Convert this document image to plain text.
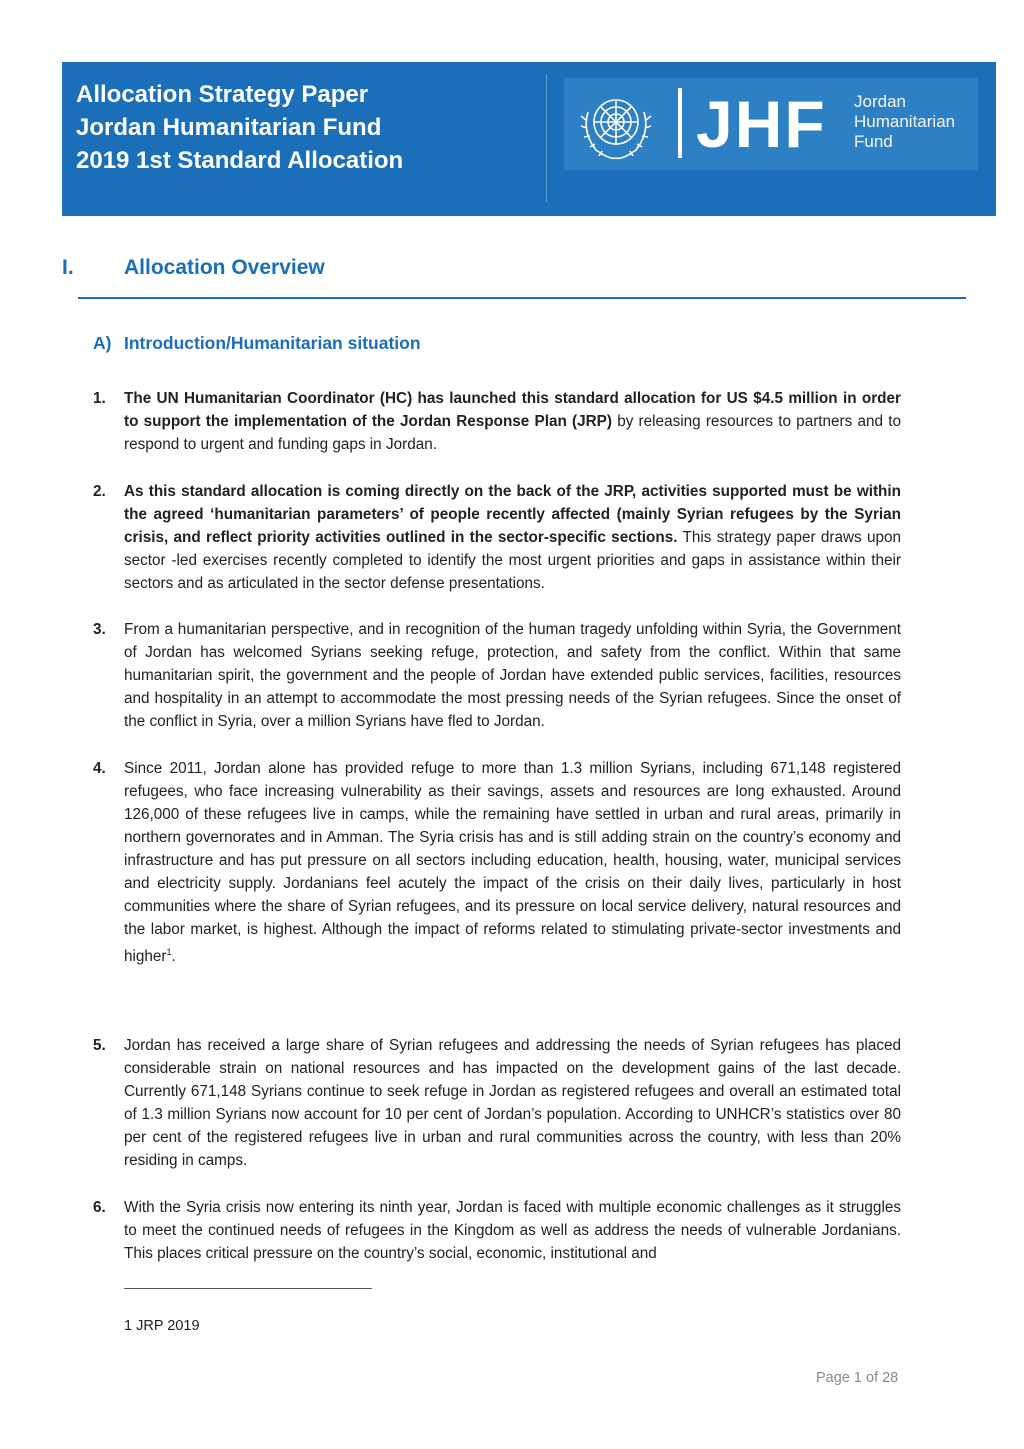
Allocation Strategy Paper
Jordan Humanitarian Fund
2019 1st Standard Allocation	JHF Jordan
Humanitarian
Fund
I. Allocation Overview
A) Introduction/Humanitarian situation
1. The UN Humanitarian Coordinator (HC) has launched this standard allocation for US $4.5 million in order to support the implementation of the Jordan Response Plan (JRP) by releasing resources to partners and to respond to urgent and funding gaps in Jordan.
2. As this standard allocation is coming directly on the back of the JRP, activities supported must be within the agreed ‘humanitarian parameters’ of people recently affected (mainly Syrian refugees by the Syrian crisis, and reflect priority activities outlined in the sector-specific sections. This strategy paper draws upon sector -led exercises recently completed to identify the most urgent priorities and gaps in assistance within their sectors and as articulated in the sector defense presentations.
3. From a humanitarian perspective, and in recognition of the human tragedy unfolding within Syria, the Government of Jordan has welcomed Syrians seeking refuge, protection, and safety from the conflict. Within that same humanitarian spirit, the government and the people of Jordan have extended public services, facilities, resources and hospitality in an attempt to accommodate the most pressing needs of the Syrian refugees. Since the onset of the conflict in Syria, over a million Syrians have fled to Jordan.
4. Since 2011, Jordan alone has provided refuge to more than 1.3 million Syrians, including 671,148 registered refugees, who face increasing vulnerability as their savings, assets and resources are long exhausted. Around 126,000 of these refugees live in camps, while the remaining have settled in urban and rural areas, primarily in northern governorates and in Amman. The Syria crisis has and is still adding strain on the country’s economy and infrastructure and has put pressure on all sectors including education, health, housing, water, municipal services and electricity supply. Jordanians feel acutely the impact of the crisis on their daily lives, particularly in host communities where the share of Syrian refugees, and its pressure on local service delivery, natural resources and the labor market, is highest. Although the impact of reforms related to stimulating private-sector investments and higher$^1$.
5. Jordan has received a large share of Syrian refugees and addressing the needs of Syrian refugees has placed considerable strain on national resources and has impacted on the development gains of the last decade. Currently 671,148 Syrians continue to seek refuge in Jordan as registered refugees and overall an estimated total of 1.3 million Syrians now account for 10 per cent of Jordan’s population. According to UNHCR’s statistics over 80 per cent of the registered refugees live in urban and rural communities across the country, with less than 20% residing in camps.
6. With the Syria crisis now entering its ninth year, Jordan is faced with multiple economic challenges as it struggles to meet the continued needs of refugees in the Kingdom as well as address the needs of vulnerable Jordanians. This places critical pressure on the country’s social, economic, institutional and
1 JRP 2019
Page 1 of 28
